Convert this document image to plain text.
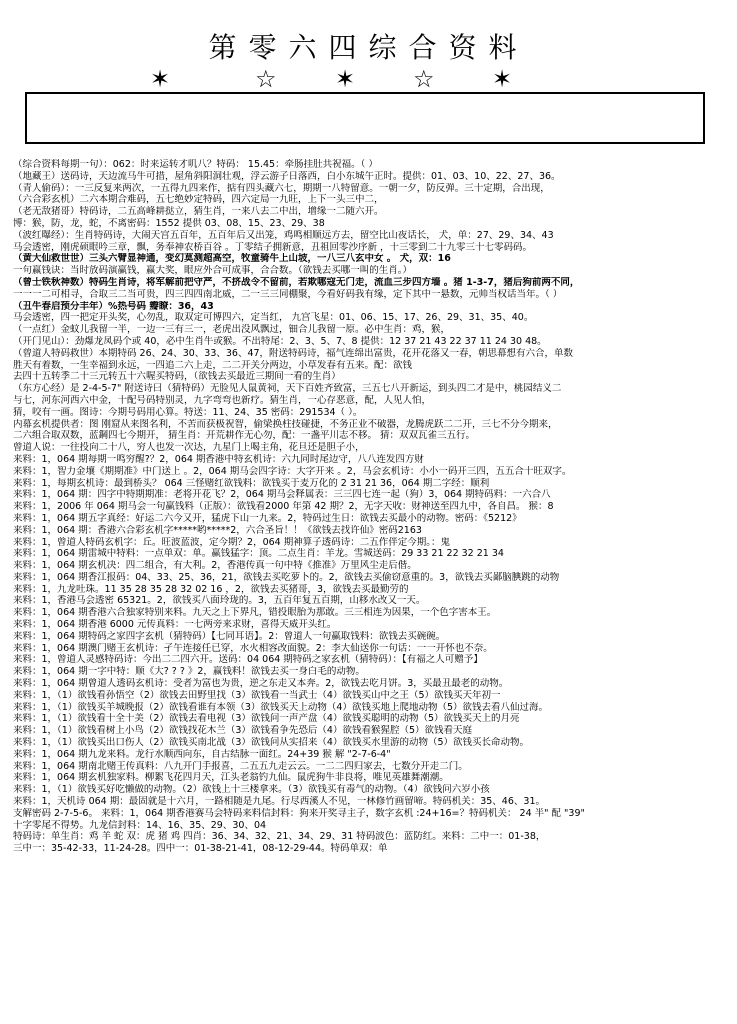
第零六四综合资料
✶	☆ ✶ ☆ ✶

（综合资料每期一句）：062：时来运转才叽八？特码： 15.45：牵肠挂肚共祝福。（ ）

（地藏王）送码诗，天边流马牛可措，屋角斜阳洞壮观，浮云游子日落西，白小东城午正时。提供：01、03、10、22、27、36。

（青人偷码）：一三反复来两次，一五得九四来作，掂有四头藏六七，期期一八特留意。一朝一夕，防反弹。三十定期，合出现，

（六合彩玄机）二六本期合难码，五七绝妙定特码，四六定局一九旺，上下一头三中二，

（老无敌猪哥）特码诗，二五高峰耕挞立，猜生肖，一来八去二中出，增缘一二随六开。

博：猴，防，龙，蛇，不离密码：1552 提供 03、08、15、23、29、38

（波红曝经）：生肖特码诗，大闹天宫五百年，五百年后又出笼，鸡鸣相顺远方去，留空比山夜话长， 犬，单：27、29、34、43

马会透密，刚虎硕眼吟三章，飘，务奉神农桥百谷 。丁零结子拥新意，丑祖回零沙序新 ，十三零到二十九零三十七零码码。

（黄大仙救世世）三头六臂显神通，变幻莫测超高空，牧童骑牛上山坡，一八三八玄中女 。 犬，双：16

一句赢钱诀：当时放码演赢钱，赢大奖，眼应外合可成事，合合数。（欲钱去买哪一叫的生肖。）

（曾士铁秋神数）特码生肖诗，将军解前把守严，不挤战令不留前，若欺哪寇无门走，流血三步四方墙 。猪 1-3-7，猪后狗前两不同，

一一一二可相寻，合取三二当可贵，四三四四南北威，二一三三同棚聚，今看好码我有缘，定下其中一悬数，元帅当权话当年。（ ）

（丑牛春启预分丰年）%热号码 瓣瞭：36，43

马会透密，四一把定开头奖，心勿乱，取双定可博四六，定当红， 九宫飞星：01、06、15、17、26、29、31、35、40。

（一点红）金蚊儿我留一半，一边一三有三一，老虎出没风飘过，钿合儿我留一原。必中生肖：鸡，猴，

（开门见山）：劲爆龙凤码个或 40，必中生肖牛或猴。不出特尾：2、3、5、7、8 提供：12 37 21 43 22 37 11 24 30 48。

（曾道人特码救世）本期特码 26、24、30、33、36、47，附送特码诗，福气连绵出富贵，花开花落又一春，朝思幕想有六合，单数

胜天有着数，一生幸福到永远，一四追二六上走，二二开关分两边，小草发春有五来。配：欲钱

去四十五转季二十三元转五十六喔买特码，（欲钱去买最近三期间一看的生肖）

（东方心经）是 2-4-5-7" 附送诗曰（猜特码）无脸见人鼠黄祠，天下百姓齐致富，三五七八开新运，到头四二才是中，桃园结义二

与七，河东河西六中金，十配号码特别灵，九字弯弯也新疗。猜生肖，一心存恶意，配，人见人怕，

猜，咬有一画。图诗：今期号码用心算。特送：11、24、35 密码：291534（ ）。

内幕玄机提供者：图 刚窟从来图名利，不苦而获极祝智，偷梁换柱技碰捷，不务正业不破器，龙腾虎跃二二开，三七不分今期来，

二六组合取双数，蓝鋼四七今期开， 猜生肖：开荒耕作无心勿，配：一盏平川志不移。 猜：双双瓦雀三五行。

曾道人说：一往投向二十八，穷人也发一次达，九星门上喝主角，花旦还是胆子小，

来料：1，064 期每期一鸣穷醒?？2，064 期香港中特玄机诗：六九同时尾边守，八八连发四方财

来料：1，智力金壤《期期准》中门送上 。2，064 期马会四字诗：大字开来 。2，马会玄机诗：小小一码开三四，五五合十旺双字。

来料：1，每期玄机诗：最到桥头？ 064 三怪赌红欲钱料：欲钱买于麦万化的 2 31 21 36，064 期二字经：顺利

来料：1，064 期：四字中特期期准：老将开花飞？2，064 期马会释属表：三三四七连一起（狗）3，064 期特码料：一六合八

来料：1，2006 年 064 期马会一句赢钱料（正版）：欲钱看2000 年第 42 期？2，无字天收：财神送至四九中，各自昌。 猴：8

来料：1，064 期五字真经：好运二六今又开，猛虎下山一九来。2，特码过生日：欲钱去买最小的动物。密码：《5212》

来料：1，064 期：香港六合彩玄机字*****哟*****2，六合圣旨！！《欲钱去找许仙》密码2163

来料：1，曾道人特码玄机字：丘。旺波蓝波，定今期？2，064 期神算子透码诗：二五作伴定今期。：鬼

来料：1，064 期雷城中特料：一点单双：单。赢钱猛字：顶。二点生肖：羊龙。雪城送码：29 33 21 22 32 21 34

来料：1，064 期玄机决：四二组合，有大利。2，香港传真一句中特《推准》万里风尘走后偕。

来料：1，064 期香江报码：04、33、25、36，21，欲钱去买吃萝卜的。2，欲钱去买偷窃意重的。3，欲钱去买鄙脑腆跳的动物

来料：1，九龙吐珠。11 35 28 35 28 32 02 16 ，2，欲钱去买猪哥，3，欲钱去买最勤劳的

来料：1，香港马会透密 65321。2，欲钱买八面玲珑的。3，五百年复五百期，山移水改又一天。

来料：1，064 期香港六合独家特别来料。九天之上下界凡，错投眼胎为那敢。三三相连为因果，一个色字害本王。

来料：1，064 期香港 6000 元传真料：一七两旁来求财，喜得天威开头红。

来料：1，064 期特码之家四字玄机（猜特码）【七同耳语】。2：曾道人一句赢取钱料：欲钱去买碗碗。

来料：1，064 期澳门赌王玄机诗：孑午连接任已穿，水火相容改面貌。2：李大仙送你一句话：一一开怀也不奈。

来料：1，曾道人灵感特码诗：今出二二四六开。送码：04 064 期特码之家玄机（猜特码）：【有福之人可赠予】

来料：1，064 期一字中特：顺《大? ? ? 》2，赢钱料！欲钱去买一身白毛的动物。

来料：1，064 期曾道人透码玄机诗：受者为富也为贵，逆之东走又本奔。2，欲钱去吃月饼。3，买最丑最老的动物。

来料：1，（1）欲钱看孙悟空（2）欲钱去田野里找（3）欲钱看一当武士（4）欲钱买山中之王（5）欲钱买天年初一

来料：1，（1）欲钱买羊城晚报（2）欲钱看谁有本领（3）欲钱买天上动物（4）欲钱买地上爬地动物（5）欲钱去看八仙过海。

来料：1，（1）欲钱看十全十美（2）欲钱去看电视（3）欲钱问一声产盘（4）欲钱买聪明的动物（5）欲钱买天上的月亮

来料：1，（1）欲钱看树上小鸟（2）欲钱找花木兰（3）欲钱看争先恐后（4）欲钱看猴猩腔（5）欲钱看天庭

来料：1，（1）欲钱买出口伤人（2）欲钱买南北战（3）欲钱问从实招来（4）欲钱买水里游的动物（5）欲钱买长命动物。

来料：1，064 期九龙来料。龙行水顺西向东，自古结脉一面红。24+39 猴 解 "2-7-6-4"

来料：1，064 期南北赌王传真料：八九开门手报喜，二五五九走云云。一二二四归家去，七数分开走二门。

来料：1，064 期玄机独家料。柳絮飞花四月天，江头老翁钓九仙。鼠虎狗牛非良将，唯见英雄舞潮潮。

来料：1，（1）欲钱买好吃懒做的动物。（2）欲钱上十三楼拿来。（3）欲钱买有毒气的动物。（4）欲钱问六岁小孩

来料：1，天机诗 064 期：最固就是十六月，一路相随是九尾。行尽西溪人不见，一林修竹画留啼。特码机关：35、46、31。

支解密码 2-7-5-6。 来料：1，064 期香港赛马会特码来料信封料：狗来开奖寻主子，数字玄机 :24+16=？特码机关： 24 半" 配 "39"

十字零尾不得势。九龙信封料：14、16、35、29、30、04

特码诗：单生肖：鸡 羊 蛇 双：虎 猪 鸡 四肖：36、34、32、21、34、29、31 特码波色：蓝防红。来料：二中一：01-38，

三中一：35-42-33，11-24-28。四中一：01-38-21-41，08-12-29-44。特码单双：单
